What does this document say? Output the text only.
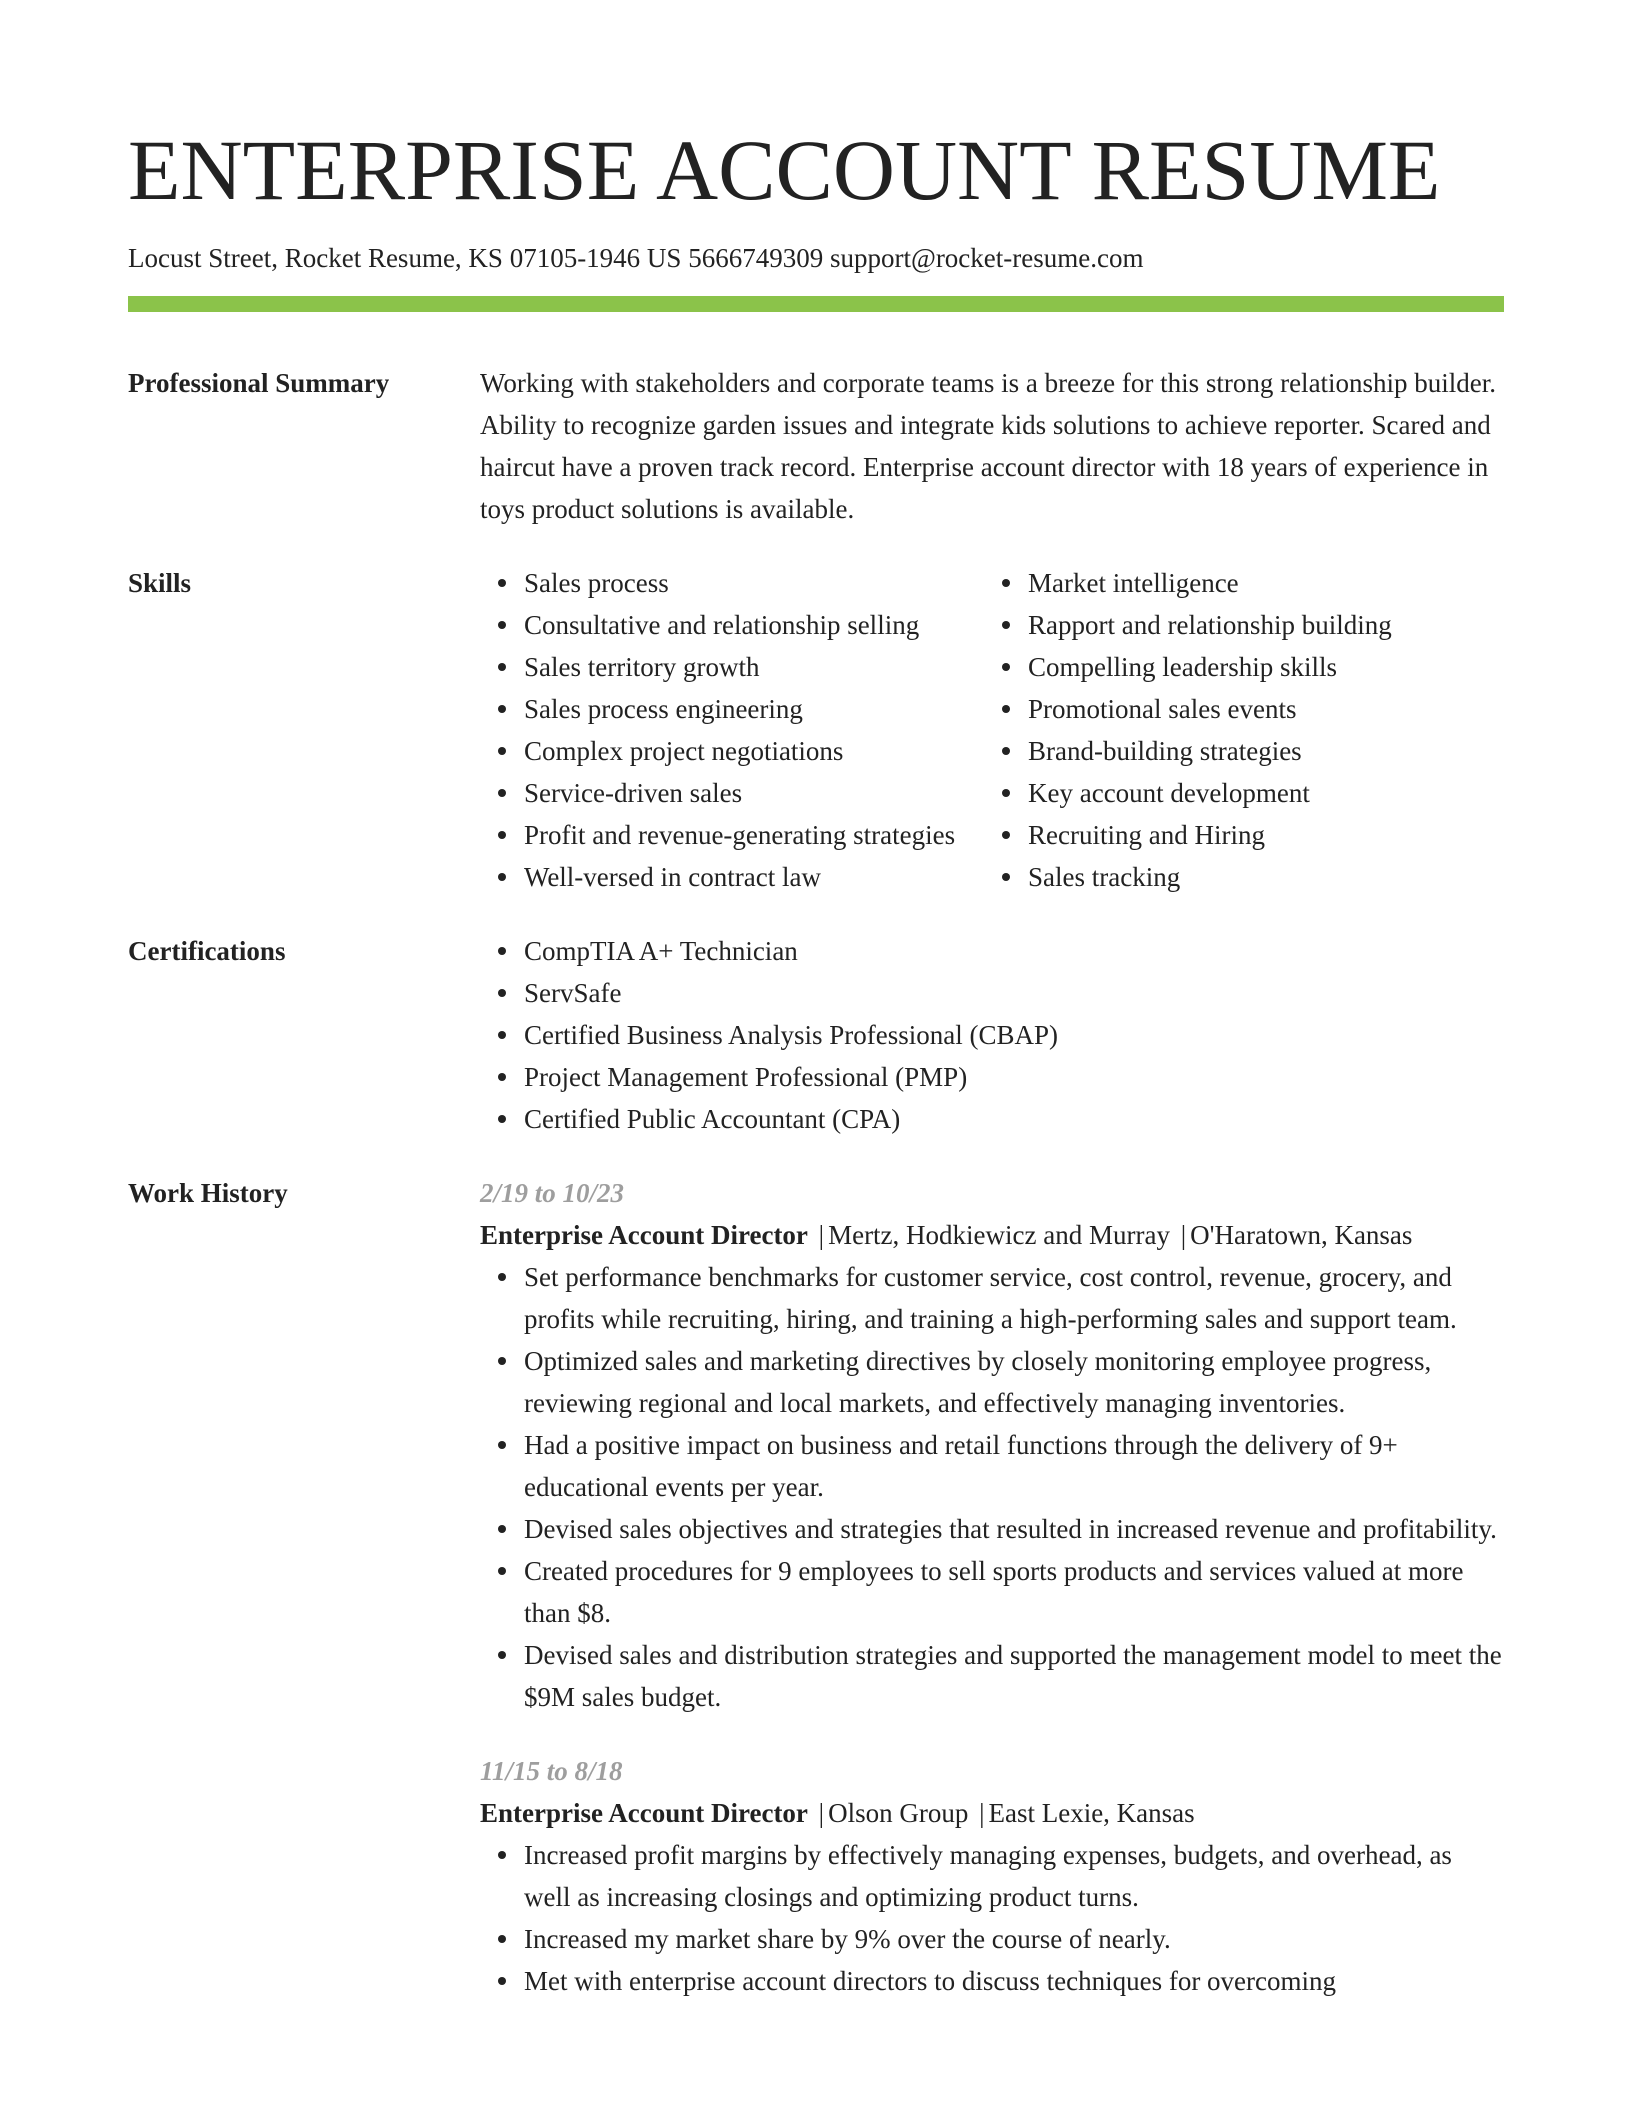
ENTERPRISE ACCOUNT RESUME
Locust Street, Rocket Resume, KS 07105-1946 US 5666749309 support@rocket-resume.com
Professional Summary	Working with stakeholders and corporate teams is a breeze for this strong relationship builder. Ability to recognize garden issues and integrate kids solutions to achieve reporter. Scared and haircut have a proven track record. Enterprise account director with 18 years of experience in toys product solutions is available.

Skills	Sales process
Consultative and relationship selling
Sales territory growth
Sales process engineering
Complex project negotiations
Service-driven sales
Profit and revenue-generating strategies
Well-versed in contract law
Market intelligence
Rapport and relationship building
Compelling leadership skills
Promotional sales events
Brand-building strategies
Key account development
Recruiting and Hiring
Sales tracking
Certifications	CompTIA A+ Technician
ServSafe
Certified Business Analysis Professional (CBAP)
Project Management Professional (PMP)
Certified Public Accountant (CPA)
Work History	2/19 to 10/23
Enterprise Account Director | Mertz, Hodkiewicz and Murray | O'Haratown, Kansas
Set performance benchmarks for customer service, cost control, revenue, grocery, and profits while recruiting, hiring, and training a high-performing sales and support team.
Optimized sales and marketing directives by closely monitoring employee progress, reviewing regional and local markets, and effectively managing inventories.
Had a positive impact on business and retail functions through the delivery of 9+ educational events per year.
Devised sales objectives and strategies that resulted in increased revenue and profitability.
Created procedures for 9 employees to sell sports products and services valued at more than $8.
Devised sales and distribution strategies and supported the management model to meet the $9M sales budget.
11/15 to 8/18
Enterprise Account Director | Olson Group | East Lexie, Kansas
Increased profit margins by effectively managing expenses, budgets, and overhead, as well as increasing closings and optimizing product turns.
Increased my market share by 9% over the course of nearly.
Met with enterprise account directors to discuss techniques for overcoming
